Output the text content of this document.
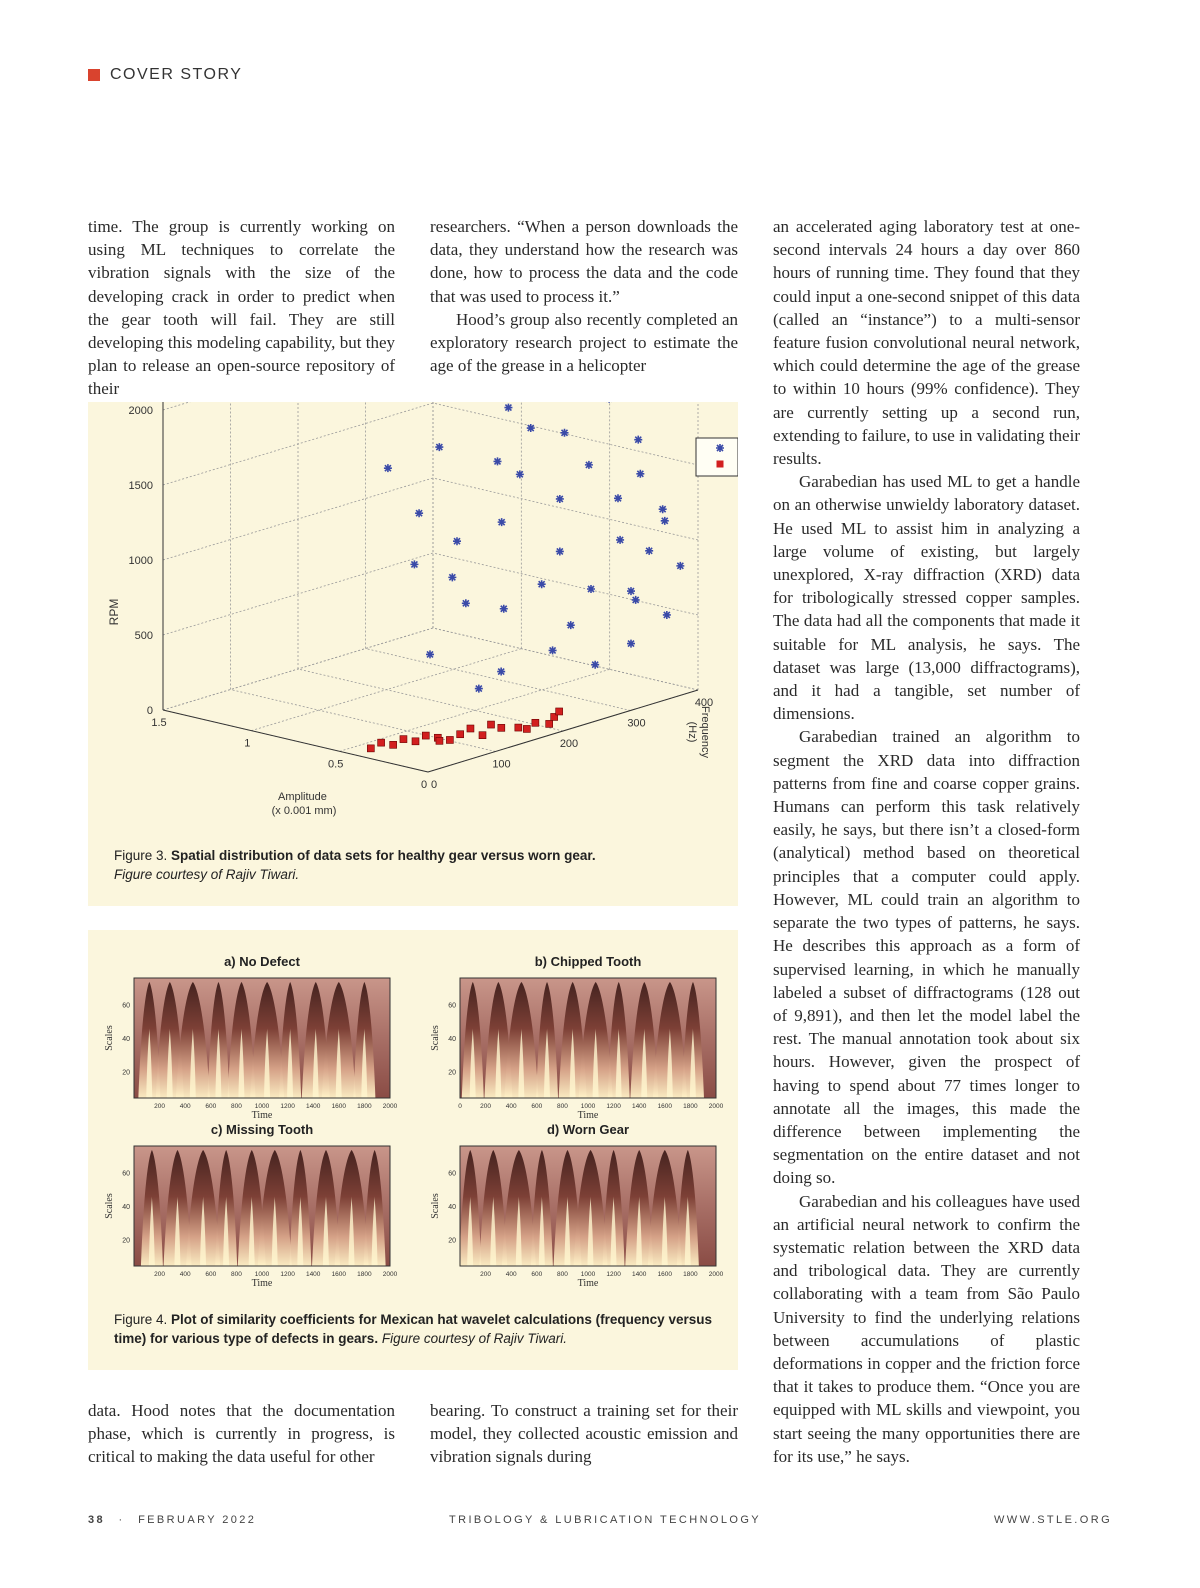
COVER STORY

time. The group is currently working on using ML techniques to correlate the vibration signals with the size of the developing crack in order to predict when the gear tooth will fail. They are still developing this modeling capability, but they plan to release an open-source repository of their

researchers. “When a person downloads the data, they understand how the research was done, how to process the data and the code that was used to process it.”

Hood’s group also recently completed an exploratory research project to estimate the age of the grease in a helicopter

an accelerated aging laboratory test at one-second intervals 24 hours a day over 860 hours of running time. They found that they could input a one-second snippet of this data (called an “instance”) to a multi-sensor feature fusion convolutional neural network, which could determine the age of the grease to within 10 hours (99% confidence). They are currently setting up a second run, extending to failure, to use in validating their results.

Garabedian has used ML to get a handle on an otherwise unwieldy laboratory dataset. He used ML to assist him in analyzing a large volume of existing, but largely unexplored, X-ray diffraction (XRD) data for tribologically stressed copper samples. The data had all the components that made it suitable for ML analysis, he says. The dataset was large (13,000 diffractograms), and it had a tangible, set number of dimensions.

Garabedian trained an algorithm to segment the XRD data into diffraction patterns from fine and coarse copper grains. Humans can perform this task relatively easily, he says, but there isn’t a closed-form (analytical) method based on theoretical principles that a computer could apply. However, ML could train an algorithm to separate the two types of patterns, he says. He describes this approach as a form of supervised learning, in which he manually labeled a subset of diffractograms (128 out of 9,891), and then let the model label the rest. The manual annotation took about six hours. However, given the prospect of having to spend about 77 times longer to annotate all the images, this made the difference between implementing the segmentation on the entire dataset and not doing so.

Garabedian and his colleagues have used an artificial neural network to confirm the systematic relation between the XRD data and tribological data. They are currently collaborating with a team from São Paulo University to find the underlying relations between accumulations of plastic deformations in copper and the friction force that it takes to produce them. “Once you are equipped with ML skills and viewpoint, you start seeing the many opportunities there are for its use,” he says.

0
500
1000
1500
2000
1.5
1
0.5
0 0
100
200
300
400
RPM
Amplitude (x 0.001 mm)
Frequency(Hz)
Figure 3. Spatial distribution of data sets for healthy gear versus worn gear.
Figure courtesy of Rajiv Tiwari.
a) No Defect
60
40
20
Scales
200 400 600 800 1000 1200 1400 1600 1800 2000
Time
b) Chipped Tooth
60
40
20
Scales
0	200 400 600 800 1000 1200 1400 1600 1800 2000
Time
c) Missing Tooth
60
40
20
Scales
200 400 600 800 1000 1200 1400 1600 1800 2000
Time
d) Worn Gear
60
40
20
Scales
200 400 600 800 1000 1200 1400 1600 1800 2000
Time
Figure 4. Plot of similarity coefficients for Mexican hat wavelet calculations (frequency versus time) for various type of defects in gears. Figure courtesy of Rajiv Tiwari.

data. Hood notes that the documentation phase, which is currently in progress, is critical to making the data useful for other

bearing. To construct a training set for their model, they collected acoustic emission and vibration signals during

38 · FEBRUARY 2022	TRIBOLOGY & LUBRICATION TECHNOLOGY	WWW.STLE.ORG
